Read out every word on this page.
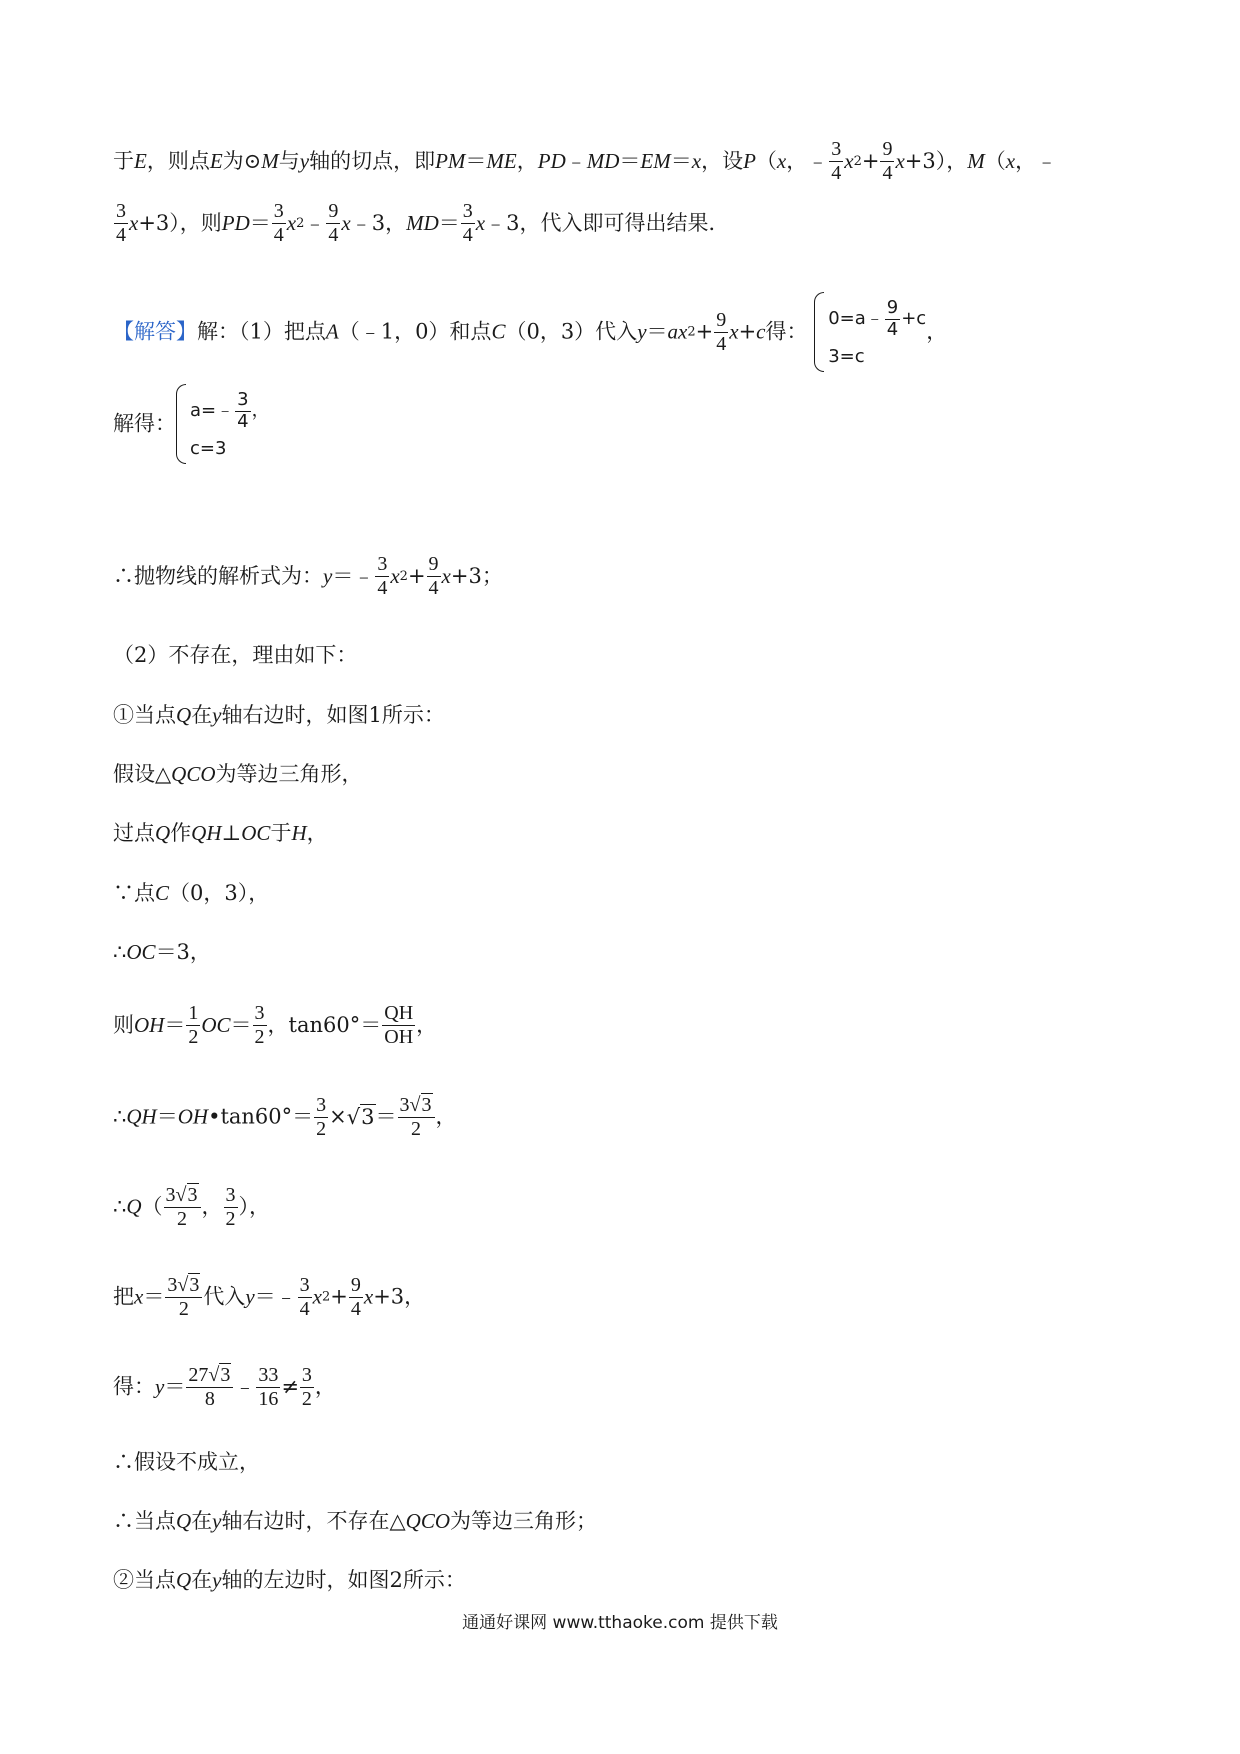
于E，则点E为⊙M与y轴的切点，即PM＝ME，PD﹣MD＝EM＝x，设P（x，﹣ $\frac{3}{4} x2+ \frac{9}{4} x+3$），M（x，﹣
$\frac{3}{4} x+3$），则$PD= \frac{3}{4}$ x2﹣ $\frac{9}{4}$ x﹣3，$MD= \frac{3}{4}$ x﹣3，代入即可得出结果．
【解答】解：（1）把点A（﹣1，0）和点C（0，3）代入$y=ax2+ \frac{9}{4} x+c$得：
0=a﹣ $\frac{9}{4} +c$
3=c
，
解得：
a=﹣ $\frac{3}{4}$ ，
c=3
∴抛物线的解析式为：y＝﹣ $\frac{3}{4} x2+ \frac{9}{4} x+3$；
（2）不存在，理由如下：
①当点Q在y轴右边时，如图1所示：
假设△QCO为等边三角形，
过点Q作QH⊥OC于H，
∵点C（0，3），
∴OC＝3，
则$OH= \frac{1}{2} OC= \frac{3}{2}$ ，$\tan 60^\circ= \frac{QH}{OH}$ ，
∴QH＝OH•tan60°＝ $\frac{3}{2} \times√3= \frac{3√3}{2}$ ，
∴Q（ $\frac{3√3}{2}$ ， $\frac{3}{2}$ ），
把$x= \frac{3√3}{2}$ 代入y＝﹣ $\frac{3}{4} x2+ \frac{9}{4} x+3$，
得：$y= \frac{27√3}{8}$ ﹣ $\frac{33}{16} \ne \frac{3}{2}$ ，
∴假设不成立，
∴当点Q在y轴右边时，不存在△QCO为等边三角形；
②当点Q在y轴的左边时，如图2所示：
通通好课网 www.tthaoke.com 提供下载
